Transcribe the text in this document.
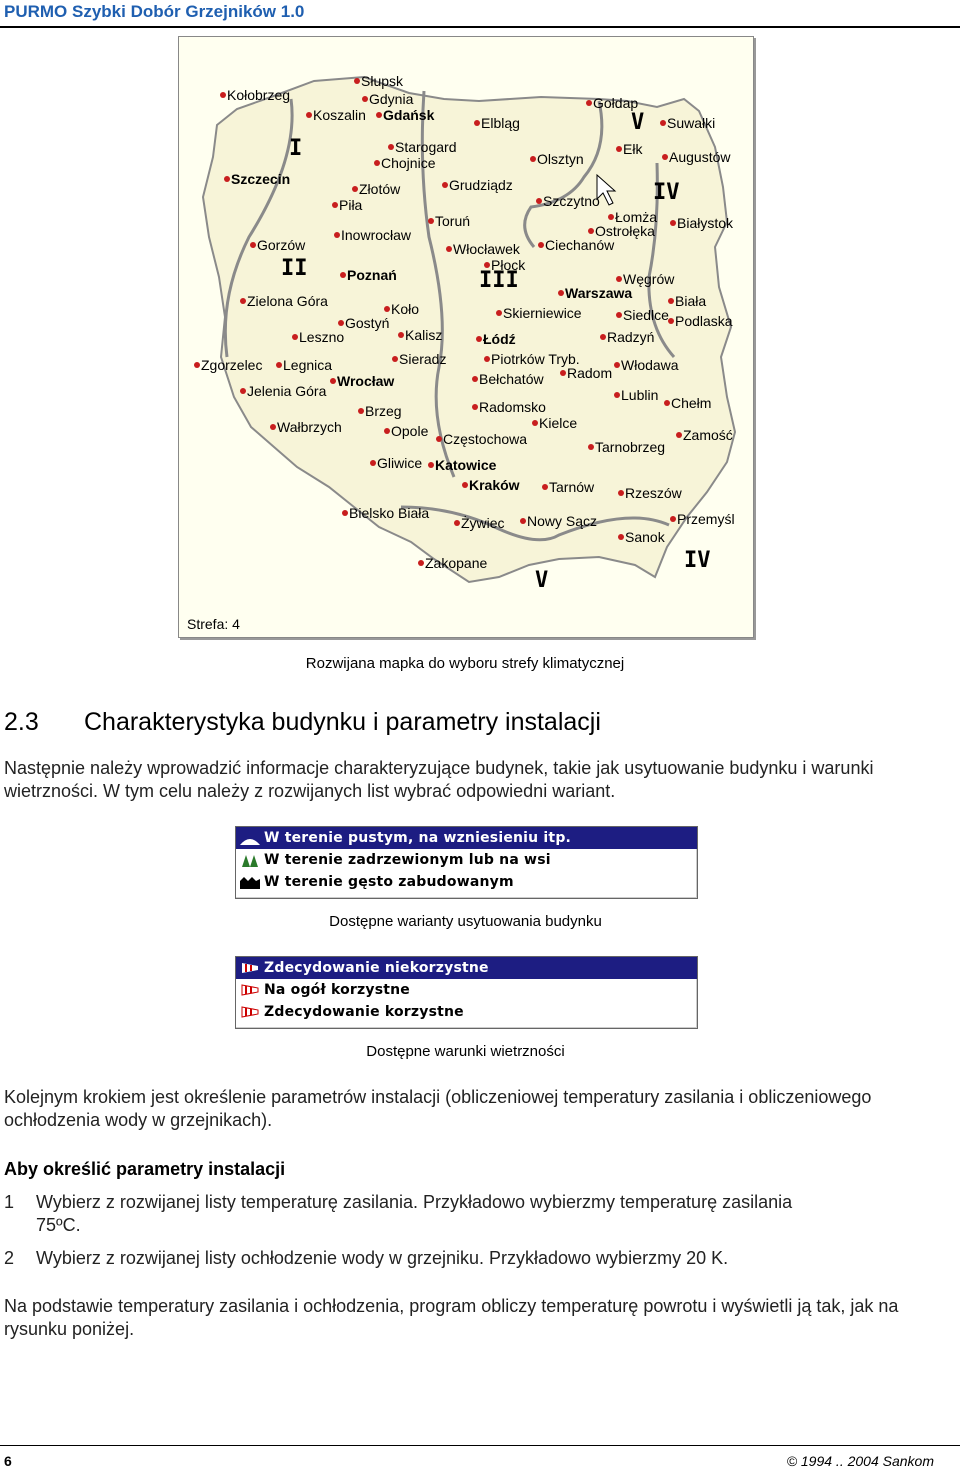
PURMO Szybki Dobór Grzejników 1.0
I
II	III
IV
V
V
IV
Kołobrzeg
Słupsk
Gdynia
Gdańsk
Koszalin	Elbląg
Gołdap
Suwałki
Starogard
Chojnice	Olsztyn
Ełk Augustów
Szczecin
Złotów	Grudziądz
Piła	Szczytno
Łomża Białystok
Toruń
Ostrołęka
Inowrocław
Gorzów	Włocławek Ciechanów
Płock
Poznań	Węgrów
Warszawa	Biała
Podlaska
Zielona Góra	Koło	Skierniewice	Siedlce
Gostyń
Leszno	Kalisz	Łódź	Radzyń
Zgorzelec Legnica	Sieradz	Piotrków Tryb.	Włodawa
Wrocław	Radom
Jelenia Góra
Bełchatów
Lublin Chełm
Brzeg	Radomsko
Wałbrzych	Opole	Kielce
Częstochowa	Zamość
Tarnobrzeg
Gliwice Katowice
Kraków Tarnów Rzeszów
Bielsko Biała	Przemyśl
Żywiec Nowy Sącz
Sanok
Zakopane
Strefa: 4
Rozwijana mapka do wyboru strefy klimatycznej
2.3 Charakterystyka budynku i parametry instalacji
Następnie należy wprowadzić informacje charakteryzujące budynek, takie jak usytuowanie budynku i warunki wietrzności. W tym celu należy z rozwijanych list wybrać odpowiedni wariant.
W terenie pustym, na wzniesieniu itp.
W terenie zadrzewionym lub na wsi
W terenie gęsto zabudowanym
Dostępne warianty usytuowania budynku
Zdecydowanie niekorzystne
Na ogół korzystne
Zdecydowanie korzystne
Dostępne warunki wietrzności
Kolejnym krokiem jest określenie parametrów instalacji (obliczeniowej temperatury zasilania i obliczeniowego ochłodzenia wody w grzejnikach).
Aby określić parametry instalacji
1 Wybierz z rozwijanej listy temperaturę zasilania. Przykładowo wybierzmy temperaturę zasilania
75ºC.
2 Wybierz z rozwijanej listy ochłodzenie wody w grzejniku. Przykładowo wybierzmy 20 K.
Na podstawie temperatury zasilania i ochłodzenia, program obliczy temperaturę powrotu i wyświetli ją tak, jak na rysunku poniżej.
6	© 1994 .. 2004 Sankom
